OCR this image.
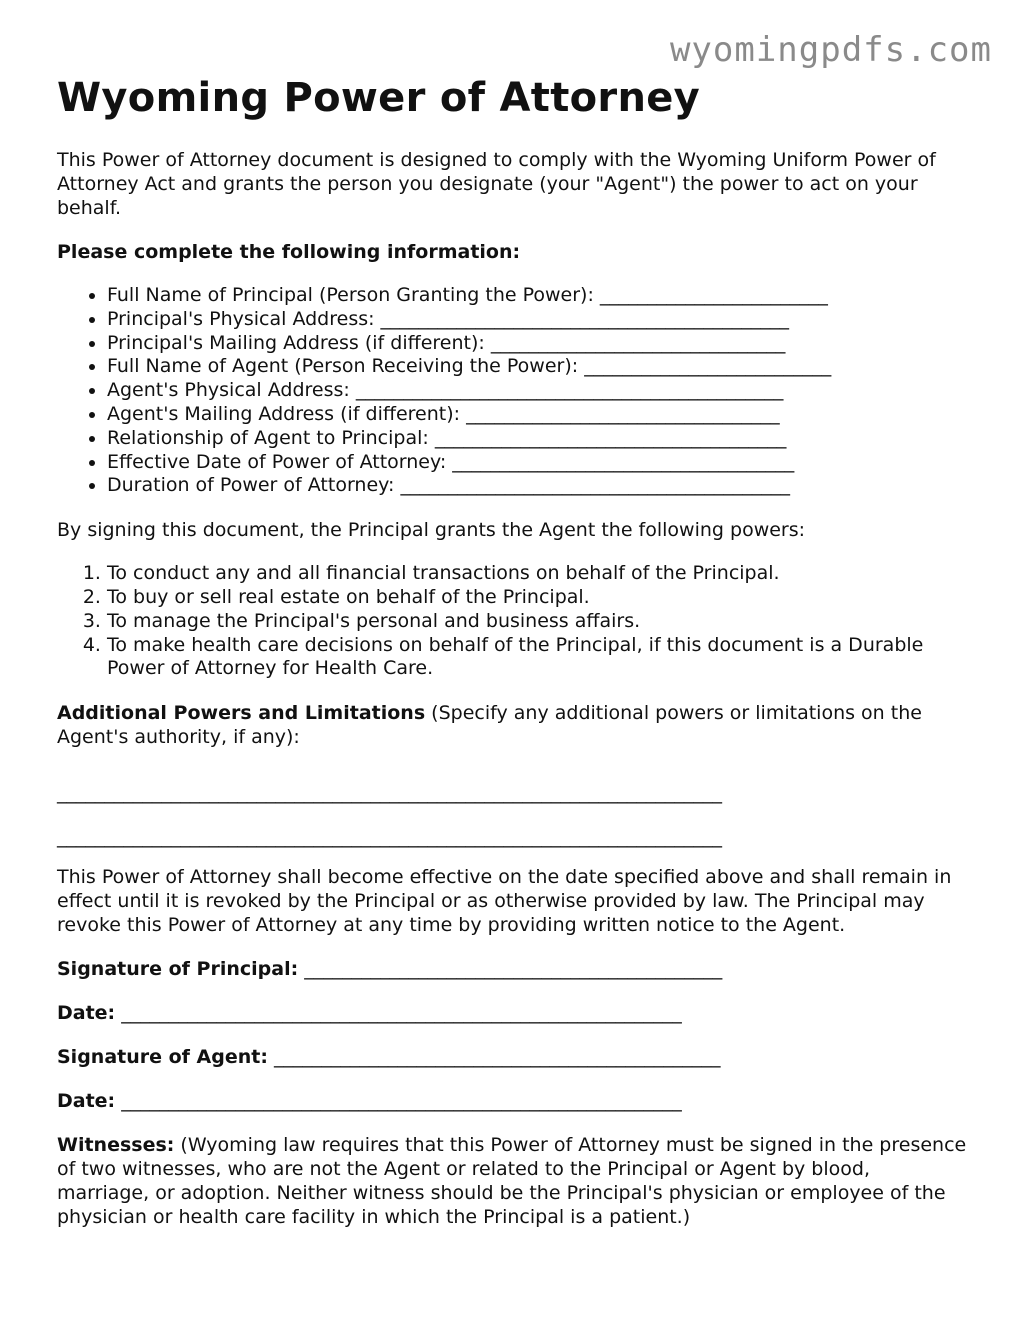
wyomingpdfs.com
Wyoming Power of Attorney

This Power of Attorney document is designed to comply with the Wyoming Uniform Power of Attorney Act and grants the person you designate (your "Agent") the power to act on your behalf.

Please complete the following information:

• Full Name of Principal (Person Granting the Power): ________________________
• Principal's Physical Address: ___________________________________________
• Principal's Mailing Address (if different): _______________________________
• Full Name of Agent (Person Receiving the Power): __________________________
• Agent's Physical Address: _____________________________________________
• Agent's Mailing Address (if different): _________________________________
• Relationship of Agent to Principal: _____________________________________
• Effective Date of Power of Attorney: ____________________________________
• Duration of Power of Attorney: _________________________________________

By signing this document, the Principal grants the Agent the following powers:

1. To conduct any and all financial transactions on behalf of the Principal.
2. To buy or sell real estate on behalf of the Principal.
3. To manage the Principal's personal and business affairs.
4. To make health care decisions on behalf of the Principal, if this document is a Durable Power of Attorney for Health Care.

Additional Powers and Limitations (Specify any additional powers or limitations on the Agent's authority, if any):

______________________________________________________________________
______________________________________________________________________

This Power of Attorney shall become effective on the date specified above and shall remain in effect until it is revoked by the Principal or as otherwise provided by law. The Principal may revoke this Power of Attorney at any time by providing written notice to the Agent.

Signature of Principal: ____________________________________________
Date: ___________________________________________________________
Signature of Agent: _______________________________________________
Date: ___________________________________________________________

Witnesses: (Wyoming law requires that this Power of Attorney must be signed in the presence of two witnesses, who are not the Agent or related to the Principal or Agent by blood, marriage, or adoption. Neither witness should be the Principal's physician or employee of the physician or health care facility in which the Principal is a patient.)
